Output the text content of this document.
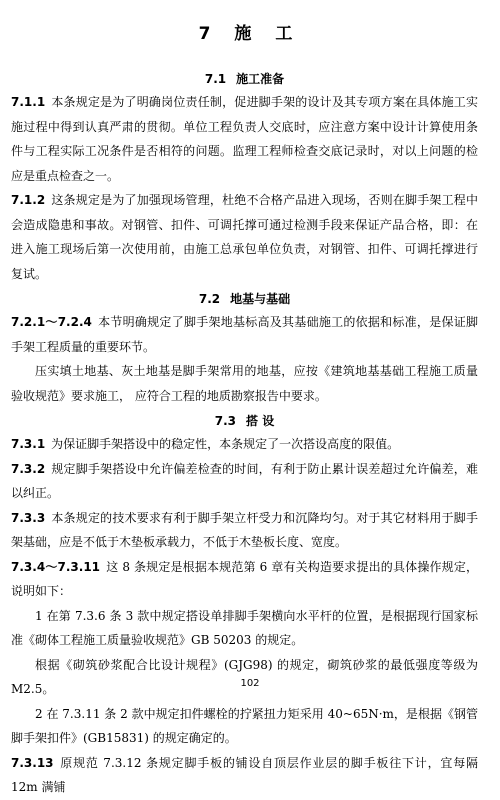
7 施 工
7.1 施工准备

7.1.1 本条规定是为了明确岗位责任制，促进脚手架的设计及其专项方案在具体施工实施过程中得到认真严肃的贯彻。单位工程负责人交底时，应注意方案中设计计算使用条件与工程实际工况条件是否相符的问题。监理工程师检查交底记录时，对以上问题的检应是重点检查之一。

7.1.2 这条规定是为了加强现场管理，杜绝不合格产品进入现场，否则在脚手架工程中会造成隐患和事故。对钢管、扣件、可调托撑可通过检测手段来保证产品合格，即：在进入施工现场后第一次使用前，由施工总承包单位负责，对钢管、扣件、可调托撑进行复试。

7.2 地基与基础

7.2.1～7.2.4 本节明确规定了脚手架地基标高及其基础施工的依据和标准，是保证脚手架工程质量的重要环节。

压实填土地基、灰土地基是脚手架常用的地基，应按《建筑地基基础工程施工质量验收规范》要求施工， 应符合工程的地质勘察报告中要求。

7.3 搭 设

7.3.1 为保证脚手架搭设中的稳定性，本条规定了一次搭设高度的限值。

7.3.2 规定脚手架搭设中允许偏差检查的时间，有利于防止累计误差超过允许偏差，难以纠正。

7.3.3 本条规定的技术要求有利于脚手架立杆受力和沉降均匀。对于其它材料用于脚手架基础，应是不低于木垫板承载力，不低于木垫板长度、宽度。

7.3.4～7.3.11 这 8 条规定是根据本规范第 6 章有关构造要求提出的具体操作规定，说明如下：

1 在第 7.3.6 条 3 款中规定搭设单排脚手架横向水平杆的位置，是根据现行国家标准《砌体工程施工质量验收规范》GB 50203 的规定。

根据《砌筑砂浆配合比设计规程》(GJG98) 的规定，砌筑砂浆的最低强度等级为M2.5。

2 在 7.3.11 条 2 款中规定扣件螺栓的拧紧扭力矩采用 40~65N·m，是根据《钢管脚手架扣件》(GB15831) 的规定确定的。

7.3.13 原规范 7.3.12 条规定脚手板的铺设自顶层作业层的脚手板往下计，宜每隔 12m 满铺

102
